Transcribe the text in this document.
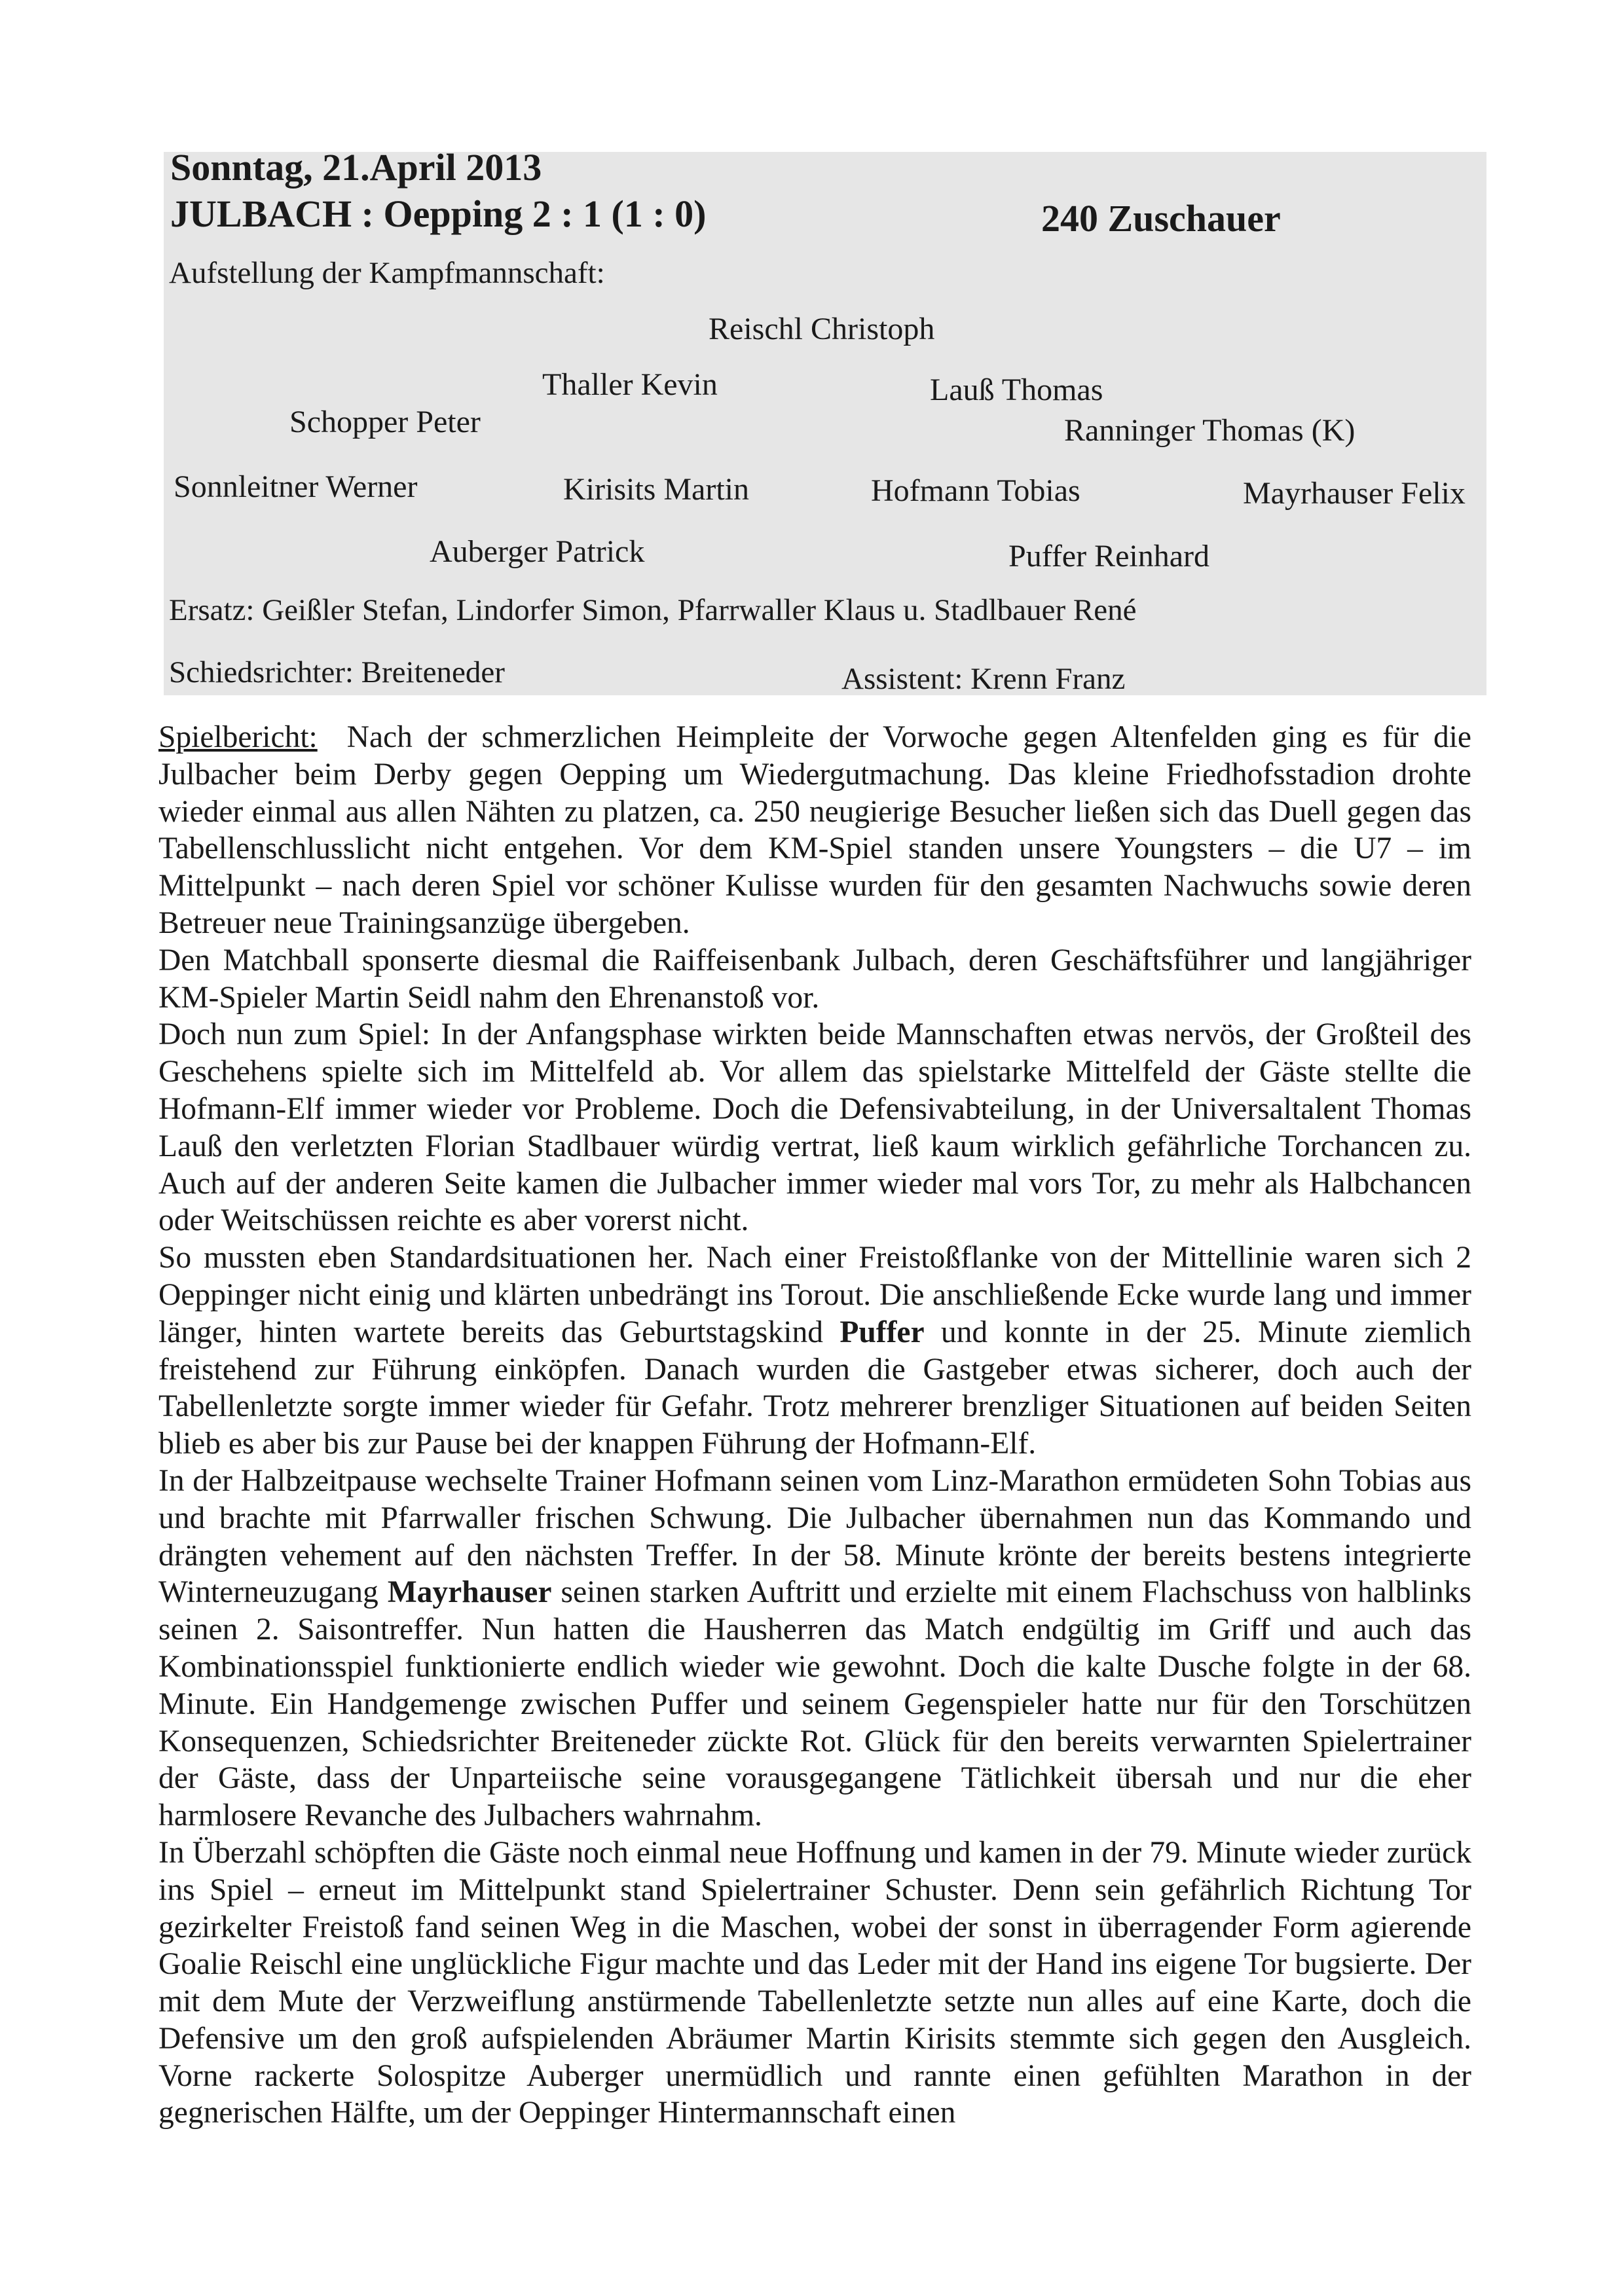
Sonntag, 21.April 2013
JULBACH : Oepping 2 : 1 (1 : 0)	240 Zuschauer
Aufstellung der Kampfmannschaft:
Reischl Christoph
Thaller Kevin	Lauß Thomas
Schopper Peter	Ranninger Thomas (K)
Sonnleitner Werner	Kirisits Martin	Hofmann Tobias	Mayrhauser Felix
Auberger Patrick	Puffer Reinhard
Ersatz: Geißler Stefan, Lindorfer Simon, Pfarrwaller Klaus u. Stadlbauer René
Schiedsrichter: Breiteneder	Assistent: Krenn Franz

Spielbericht: Nach der schmerzlichen Heimpleite der Vorwoche gegen Altenfelden ging es für die Julbacher beim Derby gegen Oepping um Wiedergutmachung. Das kleine Friedhofsstadion drohte wieder einmal aus allen Nähten zu platzen, ca. 250 neugierige Besucher ließen sich das Duell gegen das Tabellenschlusslicht nicht entgehen. Vor dem KM-Spiel standen unsere Youngsters – die U7 – im Mittelpunkt – nach deren Spiel vor schöner Kulisse wurden für den gesamten Nachwuchs sowie deren Betreuer neue Trainingsanzüge übergeben.

Den Matchball sponserte diesmal die Raiffeisenbank Julbach, deren Geschäftsführer und langjähriger KM-Spieler Martin Seidl nahm den Ehrenanstoß vor.

Doch nun zum Spiel: In der Anfangsphase wirkten beide Mannschaften etwas nervös, der Großteil des Geschehens spielte sich im Mittelfeld ab. Vor allem das spielstarke Mittelfeld der Gäste stellte die Hofmann-Elf immer wieder vor Probleme. Doch die Defensivabteilung, in der Universaltalent Thomas Lauß den verletzten Florian Stadlbauer würdig vertrat, ließ kaum wirklich gefährliche Torchancen zu. Auch auf der anderen Seite kamen die Julbacher immer wieder mal vors Tor, zu mehr als Halbchancen oder Weitschüssen reichte es aber vorerst nicht.

So mussten eben Standardsituationen her. Nach einer Freistoßflanke von der Mittellinie waren sich 2 Oeppinger nicht einig und klärten unbedrängt ins Torout. Die anschließende Ecke wurde lang und immer länger, hinten wartete bereits das Geburtstagskind Puffer und konnte in der 25. Minute ziemlich freistehend zur Führung einköpfen. Danach wurden die Gastgeber etwas sicherer, doch auch der Tabellenletzte sorgte immer wieder für Gefahr. Trotz mehrerer brenzliger Situationen auf beiden Seiten blieb es aber bis zur Pause bei der knappen Führung der Hofmann-Elf.

In der Halbzeitpause wechselte Trainer Hofmann seinen vom Linz-Marathon ermüdeten Sohn Tobias aus und brachte mit Pfarrwaller frischen Schwung. Die Julbacher übernahmen nun das Kommando und drängten vehement auf den nächsten Treffer. In der 58. Minute krönte der bereits bestens integrierte Winterneuzugang Mayrhauser seinen starken Auftritt und erzielte mit einem Flachschuss von halblinks seinen 2. Saisontreffer. Nun hatten die Hausherren das Match endgültig im Griff und auch das Kombinationsspiel funktionierte endlich wieder wie gewohnt. Doch die kalte Dusche folgte in der 68. Minute. Ein Handgemenge zwischen Puffer und seinem Gegenspieler hatte nur für den Torschützen Konsequenzen, Schiedsrichter Breiteneder zückte Rot. Glück für den bereits verwarnten Spielertrainer der Gäste, dass der Unparteiische seine vorausgegangene Tätlichkeit übersah und nur die eher harmlosere Revanche des Julbachers wahrnahm.

In Überzahl schöpften die Gäste noch einmal neue Hoffnung und kamen in der 79. Minute wieder zurück ins Spiel – erneut im Mittelpunkt stand Spielertrainer Schuster. Denn sein gefährlich Richtung Tor gezirkelter Freistoß fand seinen Weg in die Maschen, wobei der sonst in überragender Form agierende Goalie Reischl eine unglückliche Figur machte und das Leder mit der Hand ins eigene Tor bugsierte. Der mit dem Mute der Verzweiflung anstürmende Tabellenletzte setzte nun alles auf eine Karte, doch die Defensive um den groß aufspielenden Abräumer Martin Kirisits stemmte sich gegen den Ausgleich. Vorne rackerte Solospitze Auberger unermüdlich und rannte einen gefühlten Marathon in der gegnerischen Hälfte, um der Oeppinger Hintermannschaft einen
